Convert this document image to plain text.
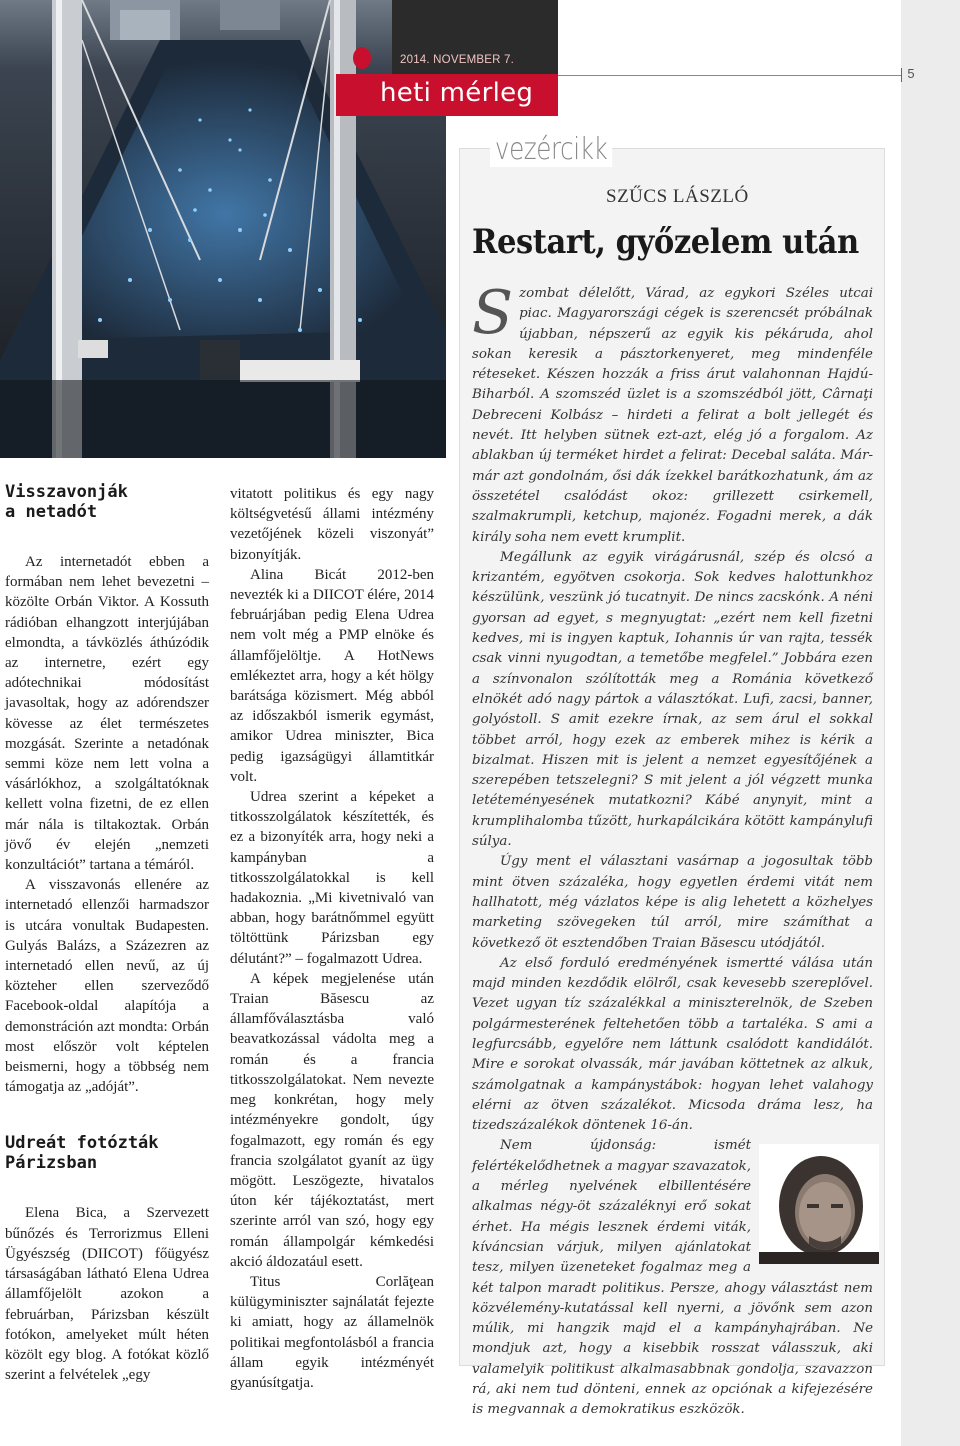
5
2014. NOVEMBER 7.
heti mérleg
vezércikk
SZŰCS LÁSZLÓ
Restart, győzelem után

Szombat délelőtt, Várad, az egykori Széles utcai piac. Magyarországi cégek is szerencsét próbálnak újabban, népszerű az egyik kis pékáruda, ahol sokan keresik a pásztorkenyeret, meg mindenféle réteseket. Készen hozzák a friss árut valahonnan Hajdú-Biharból. A szomszéd üzlet is a szomszédból jött, Cârnaţi Debreceni Kolbász – hirdeti a felirat a bolt jellegét és nevét. Itt helyben sütnek ezt-azt, elég jó a forgalom. Az ablakban új terméket hirdet a felirat: Decebal saláta. Már-már azt gondolnám, ősi dák ízekkel barátkozhatunk, ám az összetétel csalódást okoz: grillezett csirkemell, szalmakrumpli, ketchup, majonéz. Fogadni merek, a dák király soha nem evett krumplit.

Megállunk az egyik virágárusnál, szép és olcsó a krizantém, egyötven csokorja. Sok kedves halottunkhoz készülünk, veszünk jó tucatnyit. De nincs zacskónk. A néni gyorsan ad egyet, s megnyugtat: „ezért nem kell fizetni kedves, mi is ingyen kaptuk, Iohannis úr van rajta, tessék csak vinni nyugodtan, a temetőbe megfelel.” Jobbára ezen a színvonalon szólították meg a Románia következő elnökét adó nagy pártok a választókat. Lufi, zacsi, banner, golyóstoll. S amit ezekre írnak, az sem árul el sokkal többet arról, hogy ezek az emberek mihez is kérik a bizalmat. Hiszen mit is jelent a nemzet egyesítőjének a szerepében tetszelegni? S mit jelent a jól végzett munka letéteményesének mutatkozni? Kábé anynyit, mint a krumplihalomba tűzött, hurkapálcikára kötött kampánylufi súlya.

Úgy ment el választani vasárnap a jogosultak több mint ötven százaléka, hogy egyetlen érdemi vitát nem hallhatott, még vázlatos képe is alig lehetett a közhelyes marketing szövegeken túl arról, mire számíthat a következő öt esztendőben Traian Băsescu utódjától.

Az első forduló eredményének ismertté válása után majd minden kezdődik elölről, csak kevesebb szereplővel. Vezet ugyan tíz százalékkal a miniszterelnök, de Szeben polgármesterének feltehetően több a tartaléka. S ami a legfurcsább, egyelőre nem láttunk csalódott kandidálót. Mire e sorokat olvassák, már javában köttetnek az alkuk, számolgatnak a kampánystábok: hogyan lehet valahogy elérni az ötven százalékot. Micsoda dráma lesz, ha tizedszázalékok döntenek 16-án.

Nem újdonság: ismét felértékelődhetnek a magyar szavazatok, a mérleg nyelvének elbillentésére alkalmas négy-öt százaléknyi erő sokat érhet. Ha mégis lesznek érdemi viták, kíváncsian várjuk, milyen ajánlatokat tesz, milyen üzeneteket fogalmaz meg a két talpon maradt politikus. Persze, ahogy választást nem közvélemény-kutatással kell nyerni, a jövőnk sem azon múlik, mi hangzik majd el a kampányhajrában. Ne mondjuk azt, hogy a kisebbik rosszat válasszuk, aki valamelyik politikust alkalmasabbnak gondolja, szavazzon rá, aki nem tud dönteni, ennek az opciónak a kifejezésére is megvannak a demokratikus eszközök.

Visszavonják
a netadót

Az internetadót ebben a formában nem lehet bevezetni – közölte Orbán Viktor. A Kossuth rádióban elhangzott interjújában elmondta, a távközlés áthúzódik az internetre, ezért egy adótechnikai módosítást javasoltak, hogy az adórendszer kövesse az élet természetes mozgását. Szerinte a netadónak semmi köze nem lett volna a vásárlókhoz, a szolgáltatóknak kellett volna fizetni, de ez ellen már nála is tiltakoztak. Orbán jövő év elején „nemzeti konzultációt” tartana a témáról.

A visszavonás ellenére az internetadó ellenzői harmadszor is utcára vonultak Budapesten. Gulyás Balázs, a Százezren az internetadó ellen nevű, az új közteher ellen szerveződő Facebook-oldal alapítója a demonstráción azt mondta: Orbán most először volt képtelen beismerni, hogy a többség nem támogatja az „adóját”.

Udreát fotózták
Párizsban

Elena Bica, a Szervezett bűnőzés és Terrorizmus Elleni Ügyészség (DIICOT) főügyész társaságában látható Elena Udrea államfőjelölt azokon a februárban, Párizsban készült fotókon, amelyeket múlt héten közölt egy blog. A fotókat közlő szerint a felvételek „egy

vitatott politikus és egy nagy költségvetésű állami intézmény vezetőjének közeli viszonyát” bizonyítják.

Alina Bicát 2012-ben nevezték ki a DIICOT élére, 2014 februárjában pedig Elena Udrea nem volt még a PMP elnöke és államfőjelöltje. A HotNews emlékeztet arra, hogy a két hölgy barátsága közismert. Még abból az időszakból ismerik egymást, amikor Udrea miniszter, Bica pedig igazságügyi államtitkár volt.

Udrea szerint a képeket a titkosszolgálatok készítették, és ez a bizonyíték arra, hogy neki a kampányban a titkosszolgálatokkal is kell hadakoznia. „Mi kivetnivaló van abban, hogy barátnőmmel együtt töltöttünk Párizsban egy délutánt?” – fogalmazott Udrea.

A képek megjelenése után Traian Băsescu az államfőválasztásba való beavatkozással vádolta meg a román és a francia titkosszolgálatokat. Nem nevezte meg konkrétan, hogy mely intézményekre gondolt, úgy fogalmazott, egy román és egy francia szolgálatot gyanít az ügy mögött. Leszögezte, hivatalos úton kér tájékoztatást, mert szerinte arról van szó, hogy egy román állampolgár kémkedési akció áldozatául esett.

Titus Corlăţean külügyminiszter sajnálatát fejezte ki amiatt, hogy az államelnök politikai megfontolásból a francia állam egyik intézményét gyanúsítgatja.
